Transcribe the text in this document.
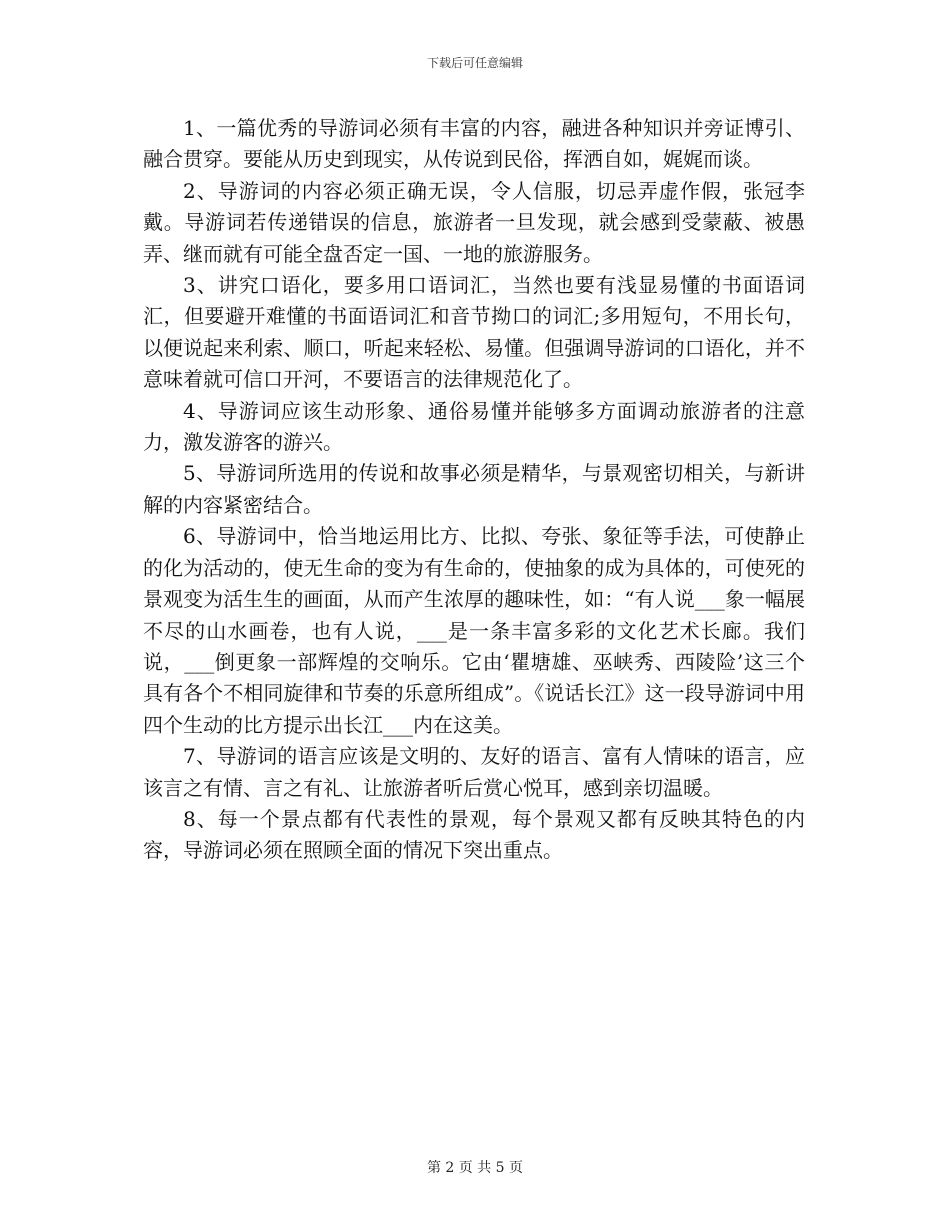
下载后可任意编辑

1、一篇优秀的导游词必须有丰富的内容，融进各种知识并旁证博引、融合贯穿。要能从历史到现实，从传说到民俗，挥洒自如，娓娓而谈。

2、导游词的内容必须正确无误，令人信服，切忌弄虚作假，张冠李戴。导游词若传递错误的信息，旅游者一旦发现，就会感到受蒙蔽、被愚弄、继而就有可能全盘否定一国、一地的旅游服务。

3、讲究口语化，要多用口语词汇，当然也要有浅显易懂的书面语词汇，但要避开难懂的书面语词汇和音节拗口的词汇;多用短句，不用长句，以便说起来利索、顺口，听起来轻松、易懂。但强调导游词的口语化，并不意味着就可信口开河，不要语言的法律规范化了。

4、导游词应该生动形象、通俗易懂并能够多方面调动旅游者的注意力，激发游客的游兴。

5、导游词所选用的传说和故事必须是精华，与景观密切相关，与新讲解的内容紧密结合。

6、导游词中，恰当地运用比方、比拟、夸张、象征等手法，可使静止的化为活动的，使无生命的变为有生命的，使抽象的成为具体的，可使死的景观变为活生生的画面，从而产生浓厚的趣味性，如：“有人说___象一幅展不尽的山水画卷，也有人说，___是一条丰富多彩的文化艺术长廊。我们说，___倒更象一部辉煌的交响乐。它由‘瞿塘雄、巫峡秀、西陵险’这三个具有各个不相同旋律和节奏的乐意所组成”。《说话长江》这一段导游词中用四个生动的比方提示出长江___内在这美。

7、导游词的语言应该是文明的、友好的语言、富有人情味的语言，应该言之有情、言之有礼、让旅游者听后赏心悦耳，感到亲切温暖。

8、每一个景点都有代表性的景观，每个景观又都有反映其特色的内容，导游词必须在照顾全面的情况下突出重点。

第 2 页 共 5 页
